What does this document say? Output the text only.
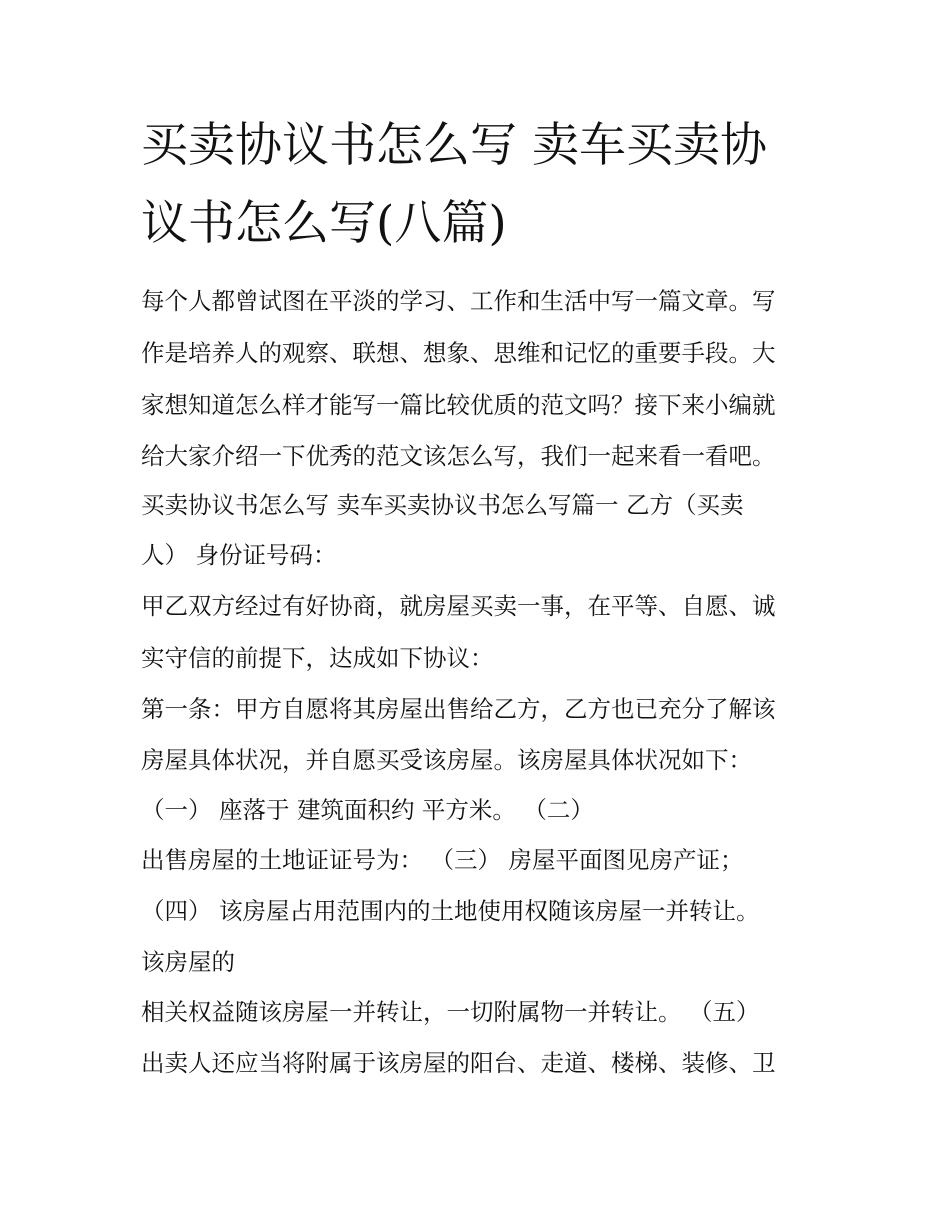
买卖协议书怎么写 卖车买卖协
议书怎么写(八篇)
每个人都曾试图在平淡的学习、工作和生活中写一篇文章。写
作是培养人的观察、联想、想象、思维和记忆的重要手段。大
家想知道怎么样才能写一篇比较优质的范文吗？接下来小编就
给大家介绍一下优秀的范文该怎么写，我们一起来看一看吧。
买卖协议书怎么写 卖车买卖协议书怎么写篇一 乙方（买卖
人） 身份证号码：
甲乙双方经过有好协商，就房屋买卖一事，在平等、自愿、诚
实守信的前提下，达成如下协议：
第一条：甲方自愿将其房屋出售给乙方，乙方也已充分了解该
房屋具体状况，并自愿买受该房屋。该房屋具体状况如下：
（一） 座落于 建筑面积约 平方米。 （二）
出售房屋的土地证证号为： （三） 房屋平面图见房产证；
（四） 该房屋占用范围内的土地使用权随该房屋一并转让。
该房屋的
相关权益随该房屋一并转让，一切附属物一并转让。 （五）
出卖人还应当将附属于该房屋的阳台、走道、楼梯、装修、卫
